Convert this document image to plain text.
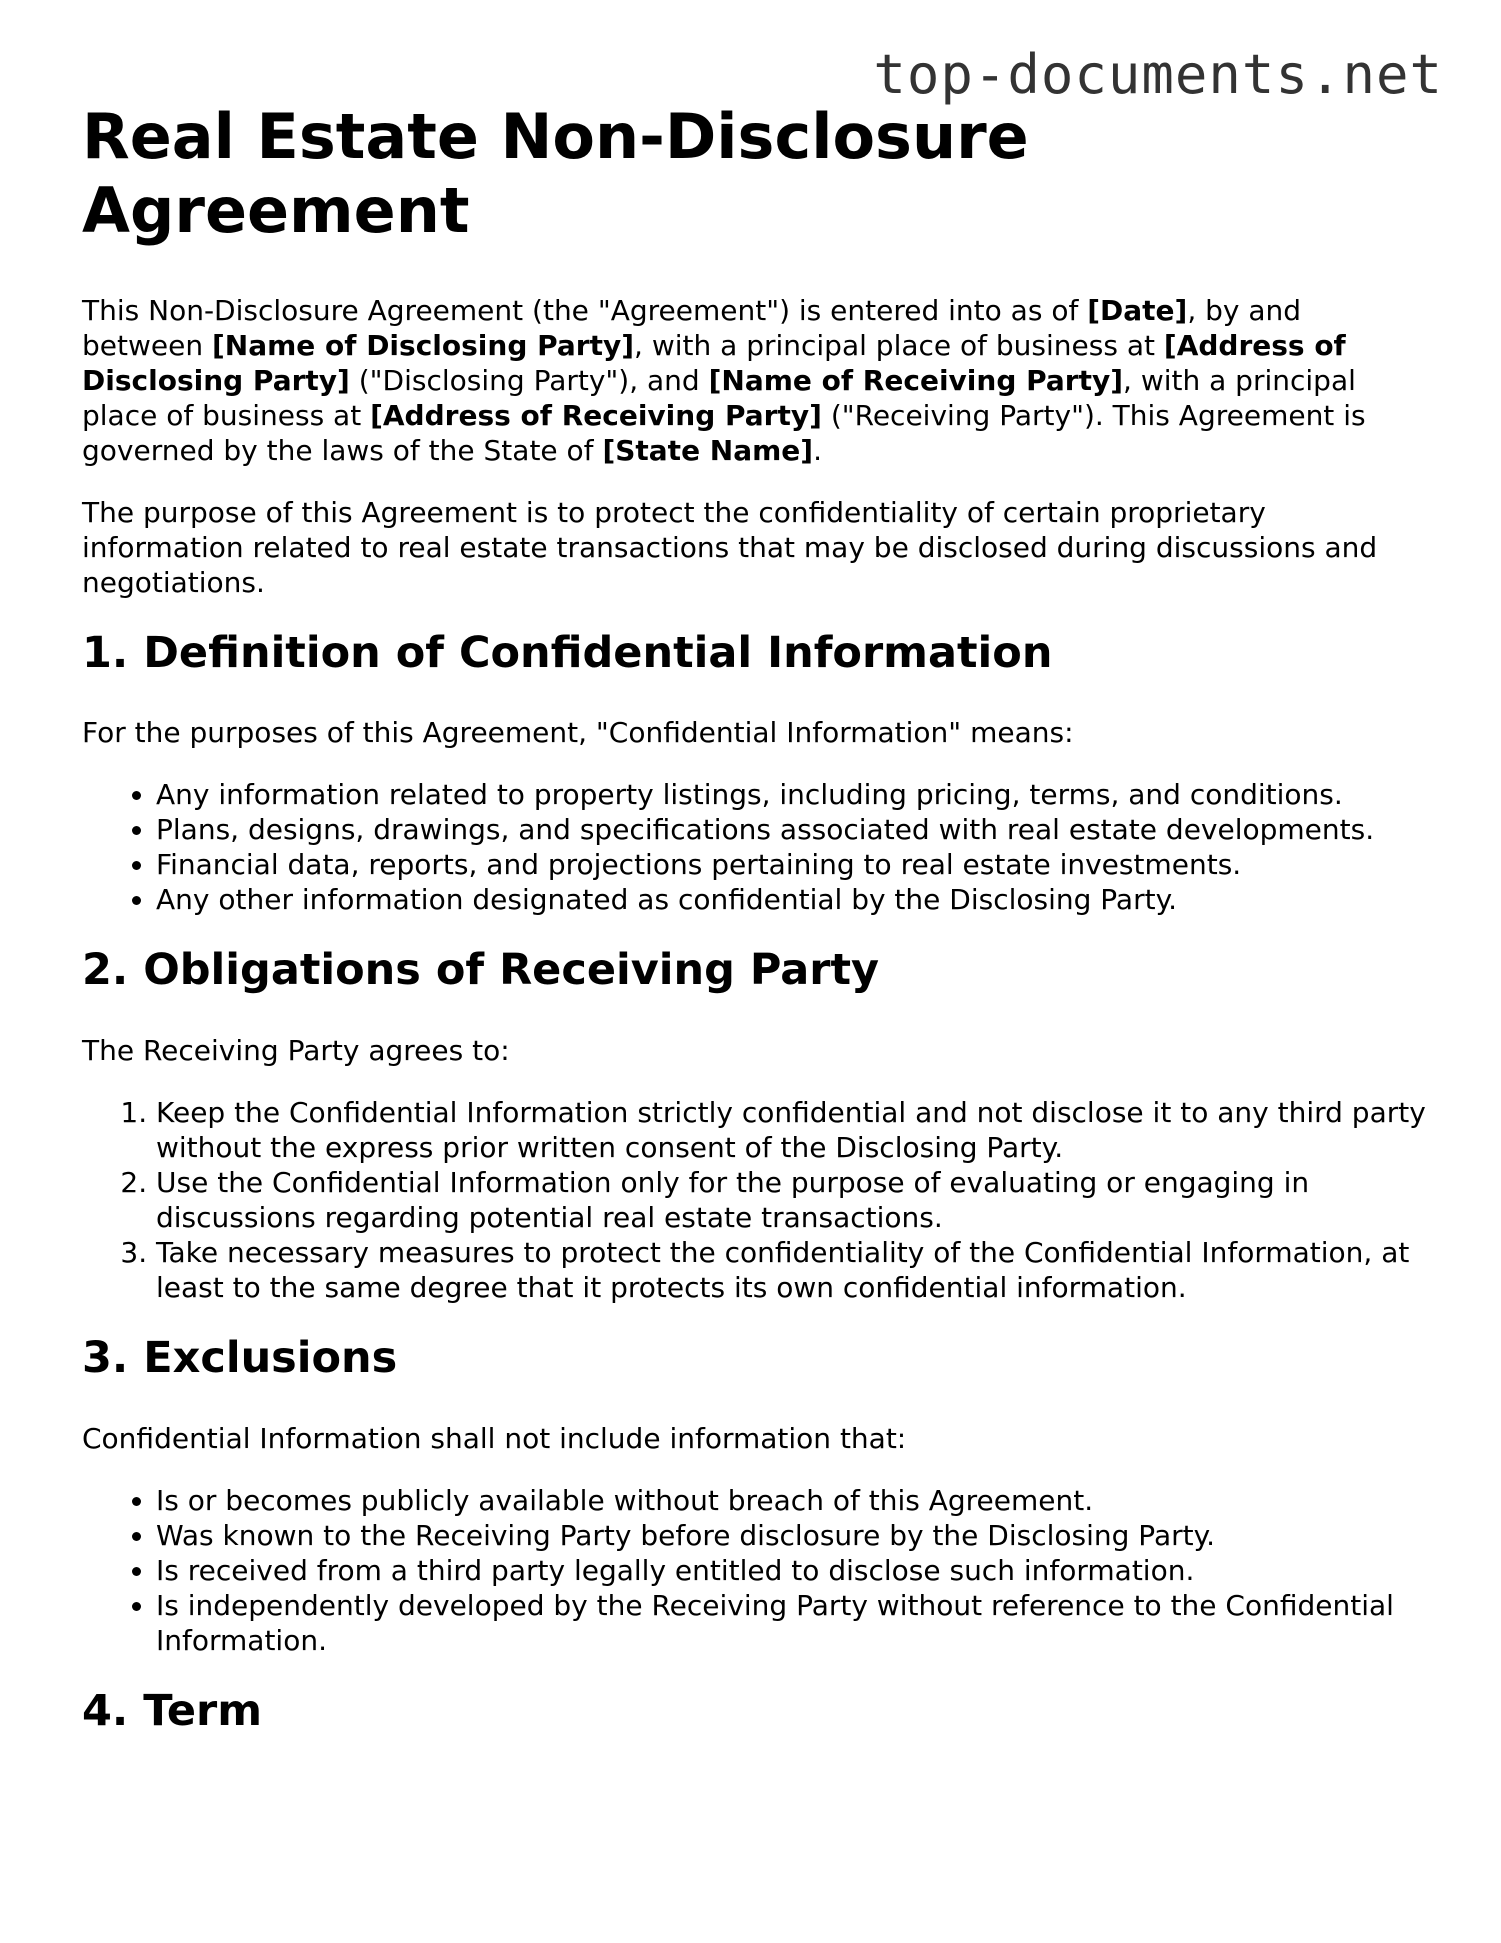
top-documents.net
Real Estate Non-Disclosure Agreement

This Non-Disclosure Agreement (the "Agreement") is entered into as of [Date], by and between [Name of Disclosing Party], with a principal place of business at [Address of Disclosing Party] ("Disclosing Party"), and [Name of Receiving Party], with a principal place of business at [Address of Receiving Party] ("Receiving Party"). This Agreement is governed by the laws of the State of [State Name].

The purpose of this Agreement is to protect the confidentiality of certain proprietary information related to real estate transactions that may be disclosed during discussions and negotiations.

1. Definition of Confidential Information

For the purposes of this Agreement, "Confidential Information" means:

• Any information related to property listings, including pricing, terms, and conditions.
• Plans, designs, drawings, and specifications associated with real estate developments.
• Financial data, reports, and projections pertaining to real estate investments.
• Any other information designated as confidential by the Disclosing Party.
2. Obligations of Receiving Party

The Receiving Party agrees to:

1. Keep the Confidential Information strictly confidential and not disclose it to any third party without the express prior written consent of the Disclosing Party.
2. Use the Confidential Information only for the purpose of evaluating or engaging in discussions regarding potential real estate transactions.
3. Take necessary measures to protect the confidentiality of the Confidential Information, at least to the same degree that it protects its own confidential information.
3. Exclusions

Confidential Information shall not include information that:

• Is or becomes publicly available without breach of this Agreement.
• Was known to the Receiving Party before disclosure by the Disclosing Party.
• Is received from a third party legally entitled to disclose such information.
• Is independently developed by the Receiving Party without reference to the Confidential Information.
4. Term
